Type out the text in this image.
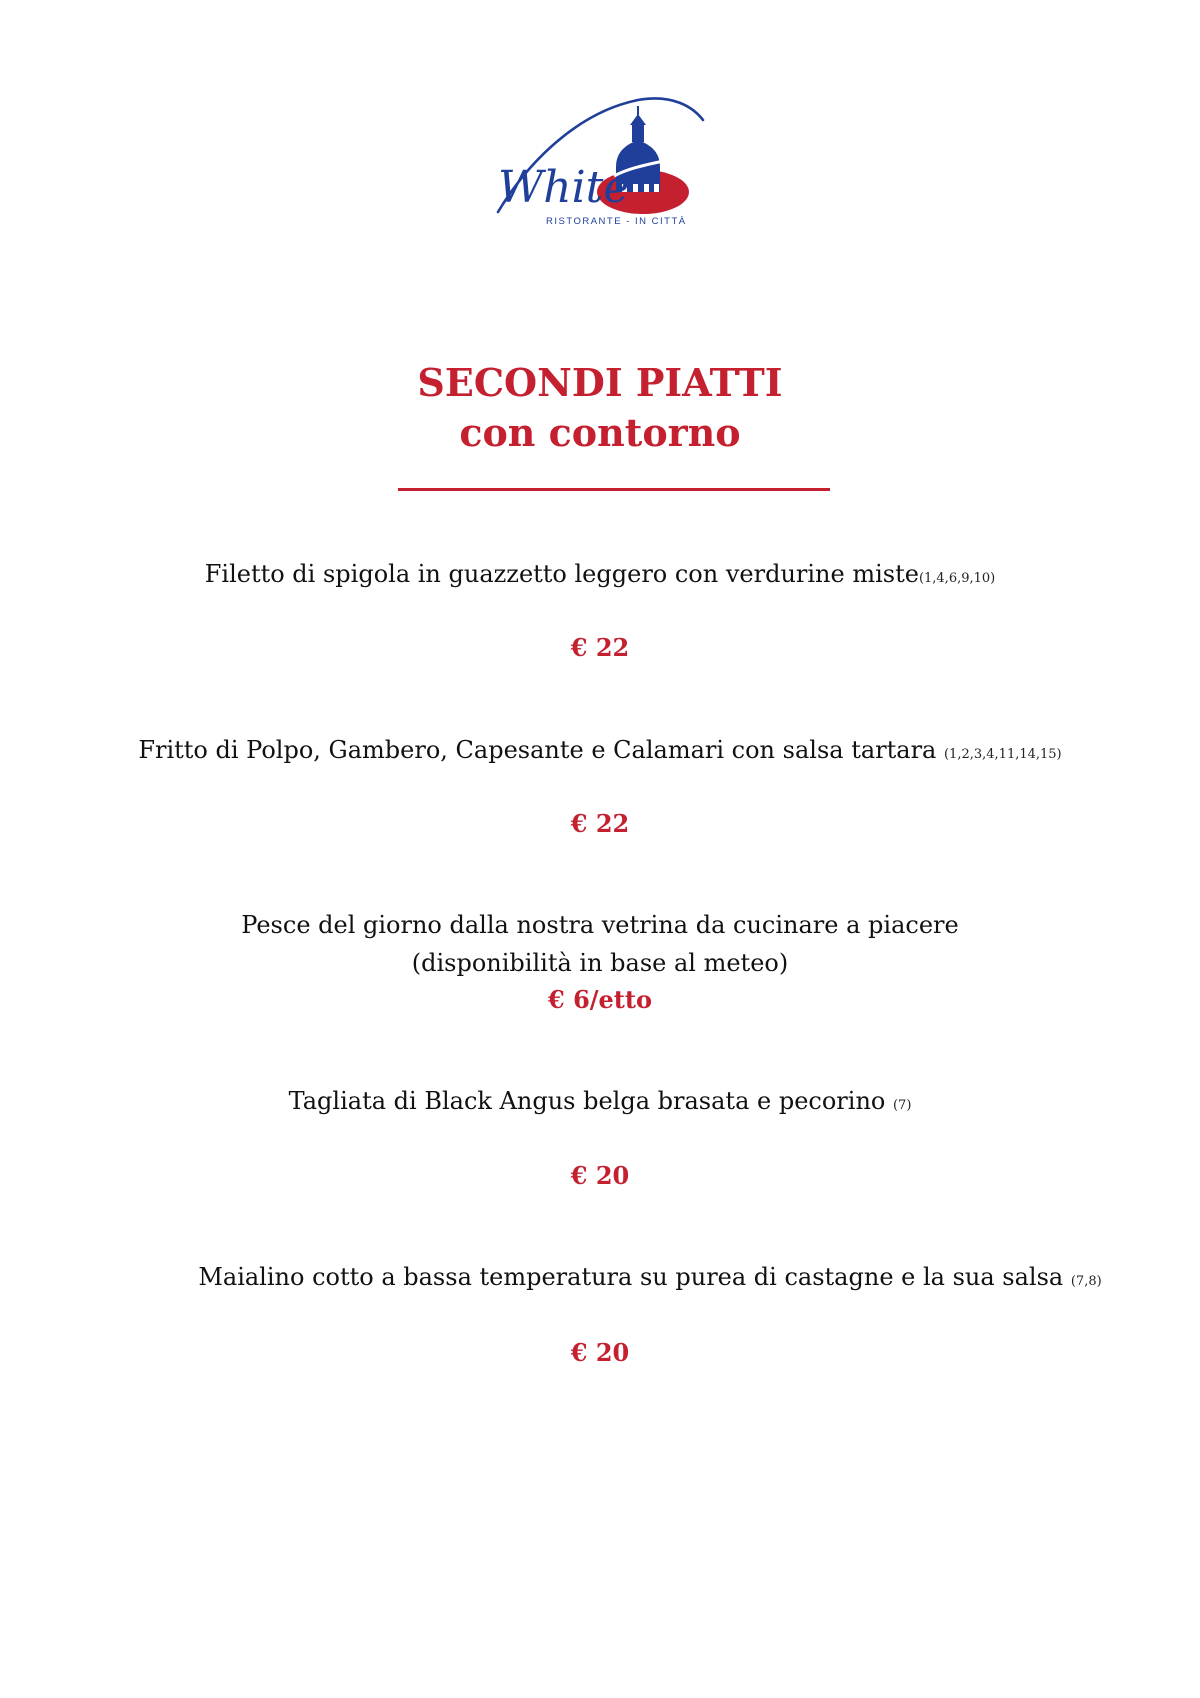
White
RISTORANTE - IN CITTÀ
SECONDI PIATTI
con contorno
Filetto di spigola in guazzetto leggero con verdurine miste(1,4,6,9,10)
€ 22
Fritto di Polpo, Gambero, Capesante e Calamari con salsa tartara (1,2,3,4,11,14,15)
€ 22
Pesce del giorno dalla nostra vetrina da cucinare a piacere
(disponibilità in base al meteo)
€ 6/etto
Tagliata di Black Angus belga brasata e pecorino (7)
€ 20
Maialino cotto a bassa temperatura su purea di castagne e la sua salsa (7,8)
€ 20
